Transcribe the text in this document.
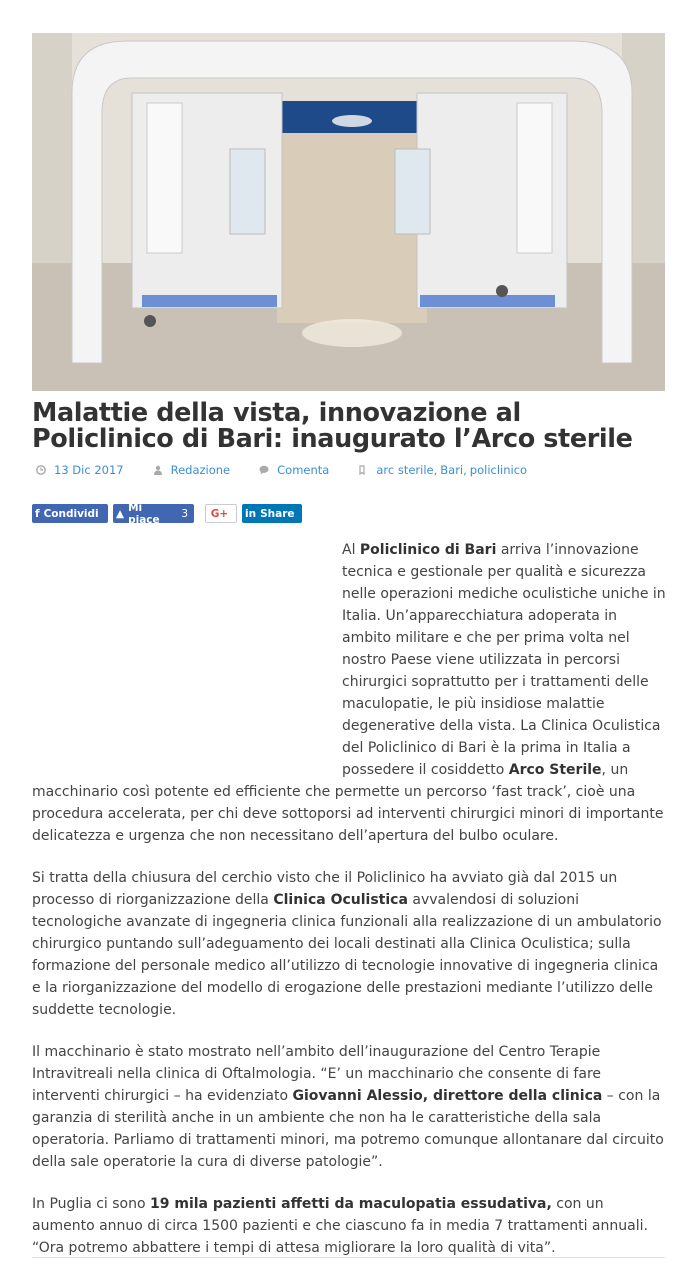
Malattie della vista, innovazione al Policlinico di Bari: inaugurato l’Arco sterile
13 Dic 2017	Redazione	Comenta	arc sterile , Bari , policlinico
f Condividi ▲ Mi piace	3 G+ in Share

Al Policlinico di Bari arriva l’innovazione tecnica e gestionale per qualità e sicurezza nelle operazioni mediche oculistiche uniche in Italia. Un’apparecchiatura adoperata in ambito militare e che per prima volta nel nostro Paese viene utilizzata in percorsi chirurgici soprattutto per i trattamenti delle maculopatie, le più insidiose malattie degenerative della vista. La Clinica Oculistica del Policlinico di Bari è la prima in Italia a possedere il cosiddetto Arco Sterile, un macchinario così potente ed efficiente che permette un percorso ‘fast track’, cioè una procedura accelerata, per chi deve sottoporsi ad interventi chirurgici minori di importante delicatezza e urgenza che non necessitano dell’apertura del bulbo oculare.

Si tratta della chiusura del cerchio visto che il Policlinico ha avviato già dal 2015 un processo di riorganizzazione della Clinica Oculistica avvalendosi di soluzioni tecnologiche avanzate di ingegneria clinica funzionali alla realizzazione di un ambulatorio chirurgico puntando sull’adeguamento dei locali destinati alla Clinica Oculistica; sulla formazione del personale medico all’utilizzo di tecnologie innovative di ingegneria clinica e la riorganizzazione del modello di erogazione delle prestazioni mediante l’utilizzo delle suddette tecnologie.

Il macchinario è stato mostrato nell’ambito dell’inaugurazione del Centro Terapie Intravitreali nella clinica di Oftalmologia. “E’ un macchinario che consente di fare interventi chirurgici – ha evidenziato Giovanni Alessio, direttore della clinica – con la garanzia di sterilità anche in un ambiente che non ha le caratteristiche della sala operatoria. Parliamo di trattamenti minori, ma potremo comunque allontanare dal circuito della sale operatorie la cura di diverse patologie”.

In Puglia ci sono 19 mila pazienti affetti da maculopatia essudativa, con un aumento annuo di circa 1500 pazienti e che ciascuno fa in media 7 trattamenti annuali. “Ora potremo abbattere i tempi di attesa migliorare la loro qualità di vita”.
